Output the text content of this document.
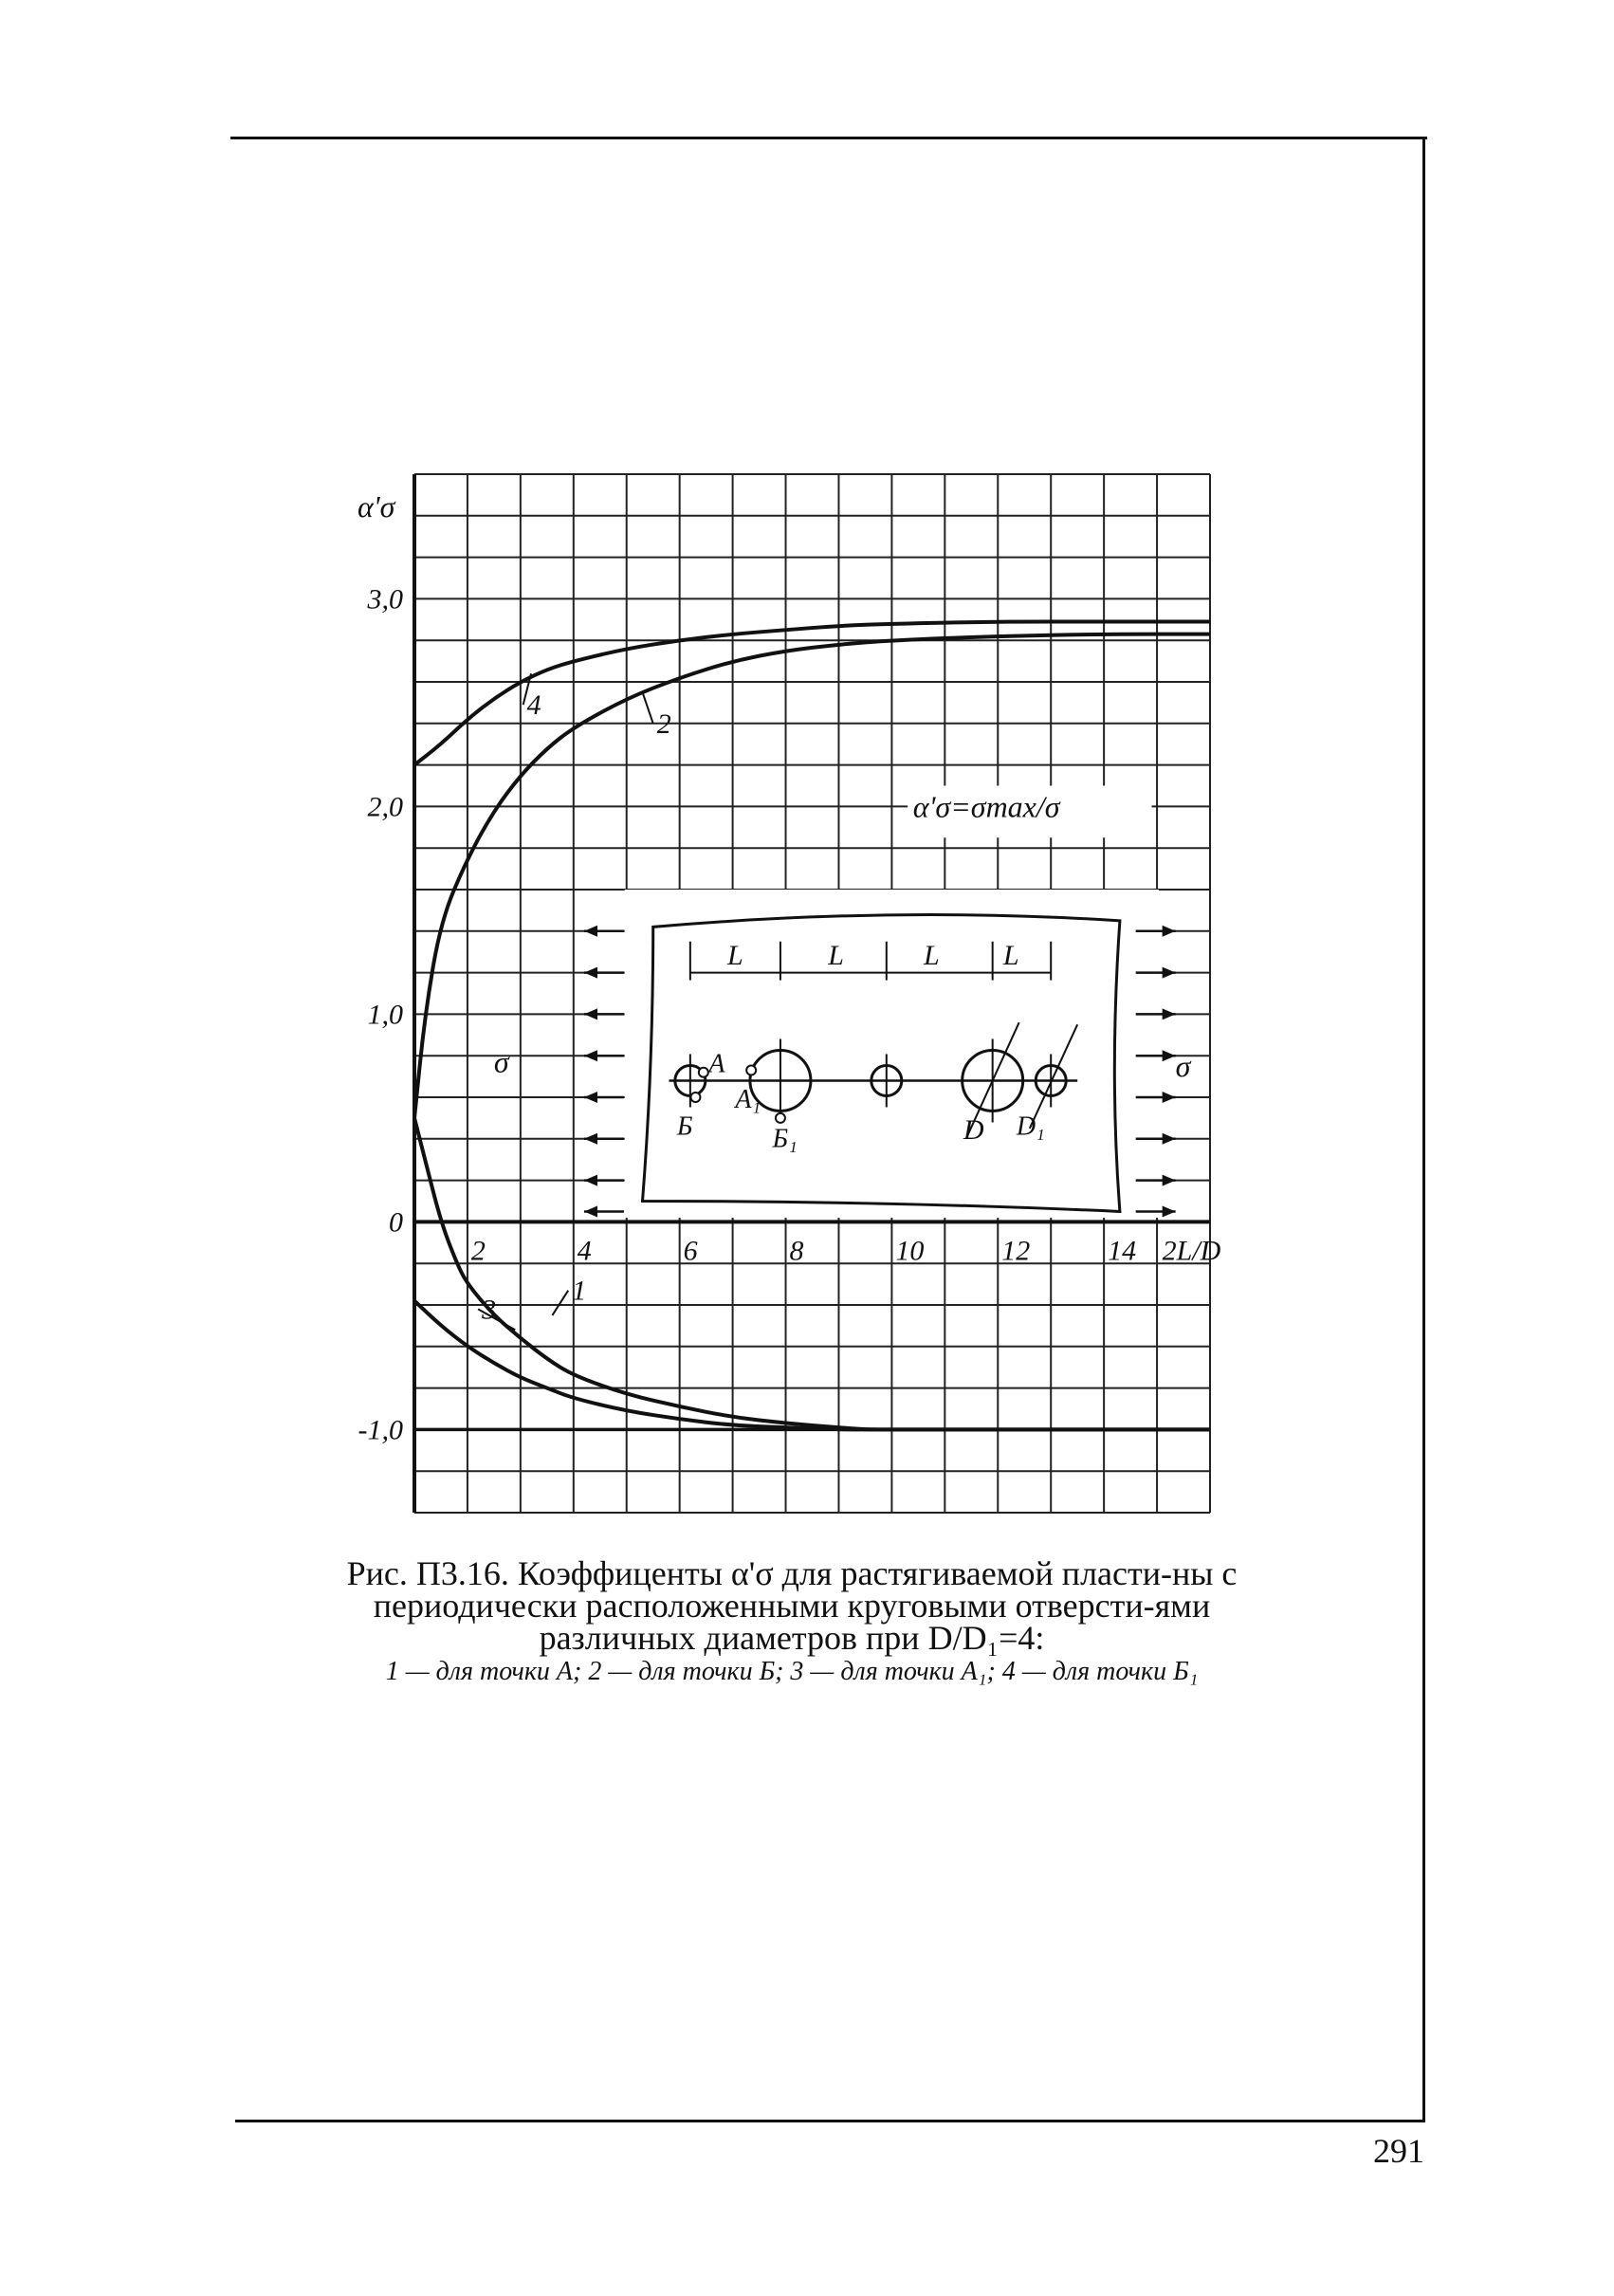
291
L	L	L L
А
А₁
Б	Б₁	D D₁
σ	σ
1
2
3
4
2	4	6	8	10	12	14 2L/D
-1,0
0
1,0
2,0
3,0
α'σ
α'σ=σmax/σ
Рис. П3.16. Коэффиценты α'σ для растягиваемой пласти-ны с периодически расположенными круговыми отверсти-ями различных диаметров при D/D₁=4:
1 — для точки А; 2 — для точки Б; 3 — для точки А₁; 4 — для точки Б₁
